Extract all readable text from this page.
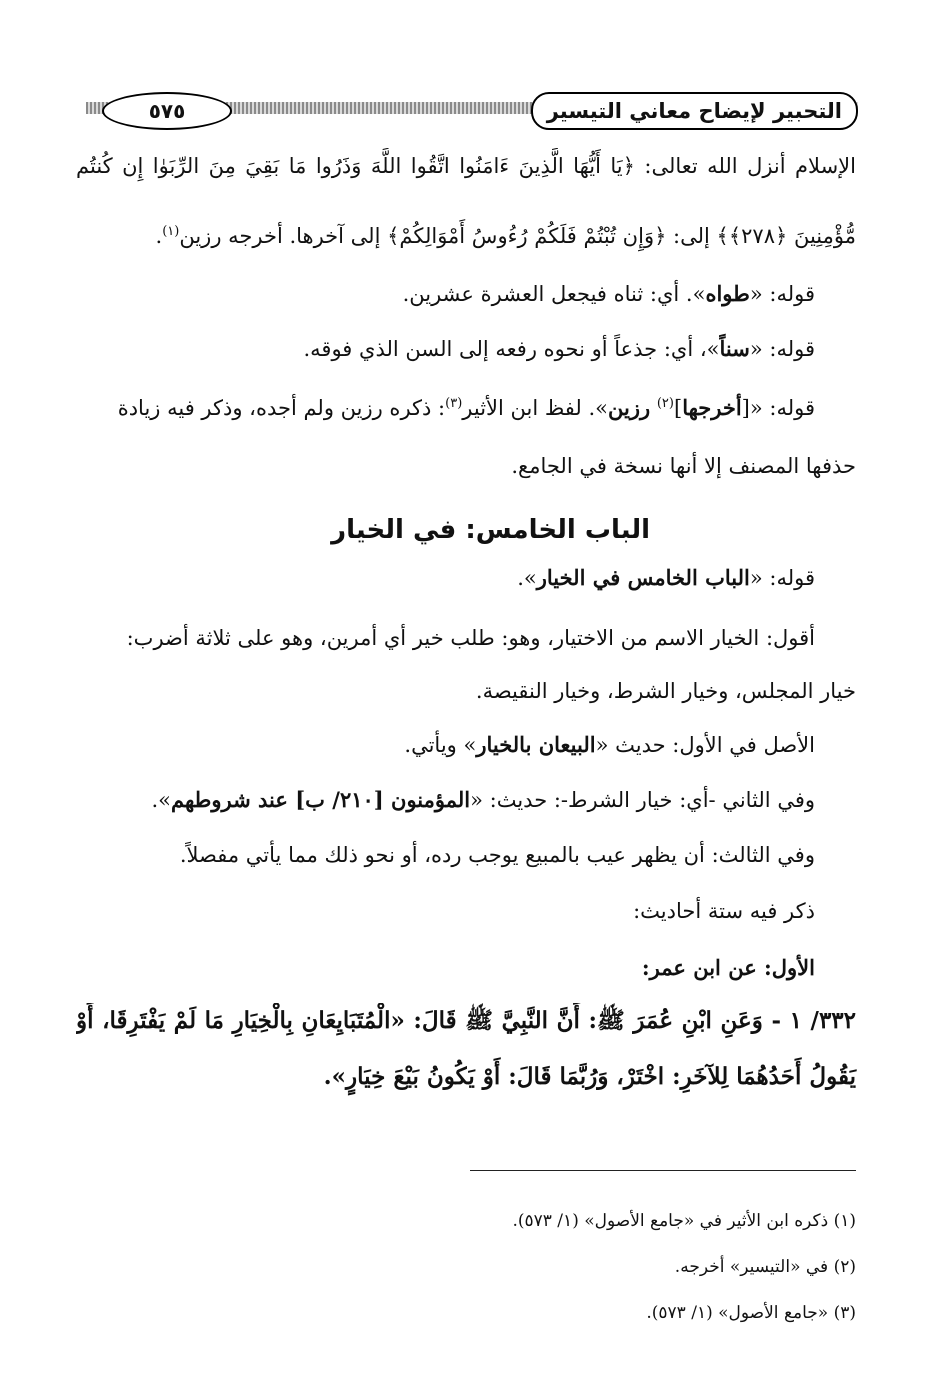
التحبير لإيضاح معاني التيسير
٥٧٥
الإسلام أنزل الله تعالى: ﴿يَا أَيُّهَا الَّذِينَ ءَامَنُوا اتَّقُوا اللَّهَ وَذَرُوا مَا بَقِيَ مِنَ الرِّبَوٰا إِن كُنتُم
مُّؤْمِنِينَ ﴿٢٧٨﴾﴾ إلى: ﴿وَإِن تُبْتُمْ فَلَكُمْ رُءُوسُ أَمْوَالِكُمْ﴾ إلى آخرها. أخرجه رزين$^{(١)}$.
قوله: «طواه». أي: ثناه فيجعل العشرة عشرين.
قوله: «سناً»، أي: جذعاً أو نحوه رفعه إلى السن الذي فوقه.
قوله: «[أخرجها]$^{(٢)}$ رزين». لفظ ابن الأثير$^{(٣)}$: ذكره رزين ولم أجده، وذكر فيه زيادة
حذفها المصنف إلا أنها نسخة في الجامع.
الباب الخامس: في الخيار
قوله: «الباب الخامس في الخيار».
أقول: الخيار الاسم من الاختيار، وهو: طلب خير أي أمرين، وهو على ثلاثة أضرب:
خيار المجلس، وخيار الشرط، وخيار النقيصة.
الأصل في الأول: حديث «البيعان بالخيار» ويأتي.
وفي الثاني -أي: خيار الشرط-: حديث: «المؤمنون [٢١٠/ ب] عند شروطهم».
وفي الثالث: أن يظهر عيب بالمبيع يوجب رده، أو نحو ذلك مما يأتي مفصلاً.
ذكر فيه ستة أحاديث:
الأول: عن ابن عمر:
٣٣٢/ ١ - وَعَنِ ابْنِ عُمَرَ ﷺ: أَنَّ النَّبِيَّ ﷺ قَالَ: «الْمُتَبَايِعَانِ بِالْخِيَارِ مَا لَمْ يَفْتَرِقَا، أَوْ
يَقُولُ أَحَدُهُمَا لِلآخَرِ: اخْتَرْ، وَرُبَّمَا قَالَ: أَوْ يَكُونُ بَيْعَ خِيَارٍ».
(١) ذكره ابن الأثير في «جامع الأصول» (١/ ٥٧٣).
(٢) في «التيسير» أخرجه.
(٣) «جامع الأصول» (١/ ٥٧٣).
